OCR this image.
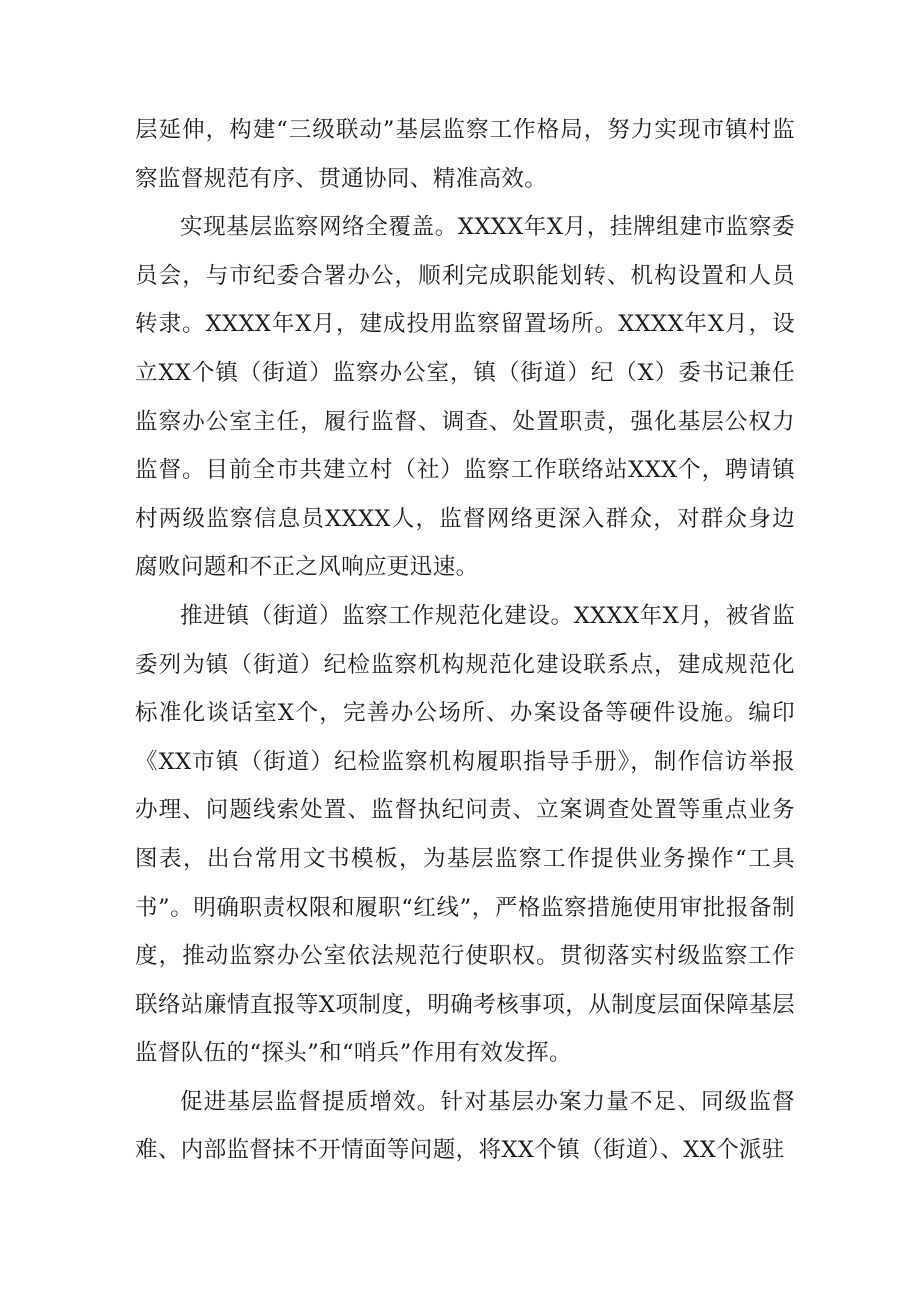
层延伸，构建“三级联动”基层监察工作格局，努力实现市镇村监察监督规范有序、贯通协同、精准高效。

实现基层监察网络全覆盖。XXXX年X月，挂牌组建市监察委员会，与市纪委合署办公，顺利完成职能划转、机构设置和人员转隶。XXXX年X月，建成投用监察留置场所。XXXX年X月，设立XX个镇（街道）监察办公室，镇（街道）纪（X）委书记兼任监察办公室主任，履行监督、调查、处置职责，强化基层公权力监督。目前全市共建立村（社）监察工作联络站XXX个，聘请镇村两级监察信息员XXXX人，监督网络更深入群众，对群众身边腐败问题和不正之风响应更迅速。

推进镇（街道）监察工作规范化建设。XXXX年X月，被省监委列为镇（街道）纪检监察机构规范化建设联系点，建成规范化标准化谈话室X个，完善办公场所、办案设备等硬件设施。编印《XX市镇（街道）纪检监察机构履职指导手册》，制作信访举报办理、问题线索处置、监督执纪问责、立案调查处置等重点业务图表，出台常用文书模板，为基层监察工作提供业务操作“工具书”。明确职责权限和履职“红线”，严格监察措施使用审批报备制度，推动监察办公室依法规范行使职权。贯彻落实村级监察工作联络站廉情直报等X项制度，明确考核事项，从制度层面保障基层监督队伍的“探头”和“哨兵”作用有效发挥。

促进基层监督提质增效。针对基层办案力量不足、同级监督难、内部监督抹不开情面等问题，将XX个镇（街道）、XX个派驻
